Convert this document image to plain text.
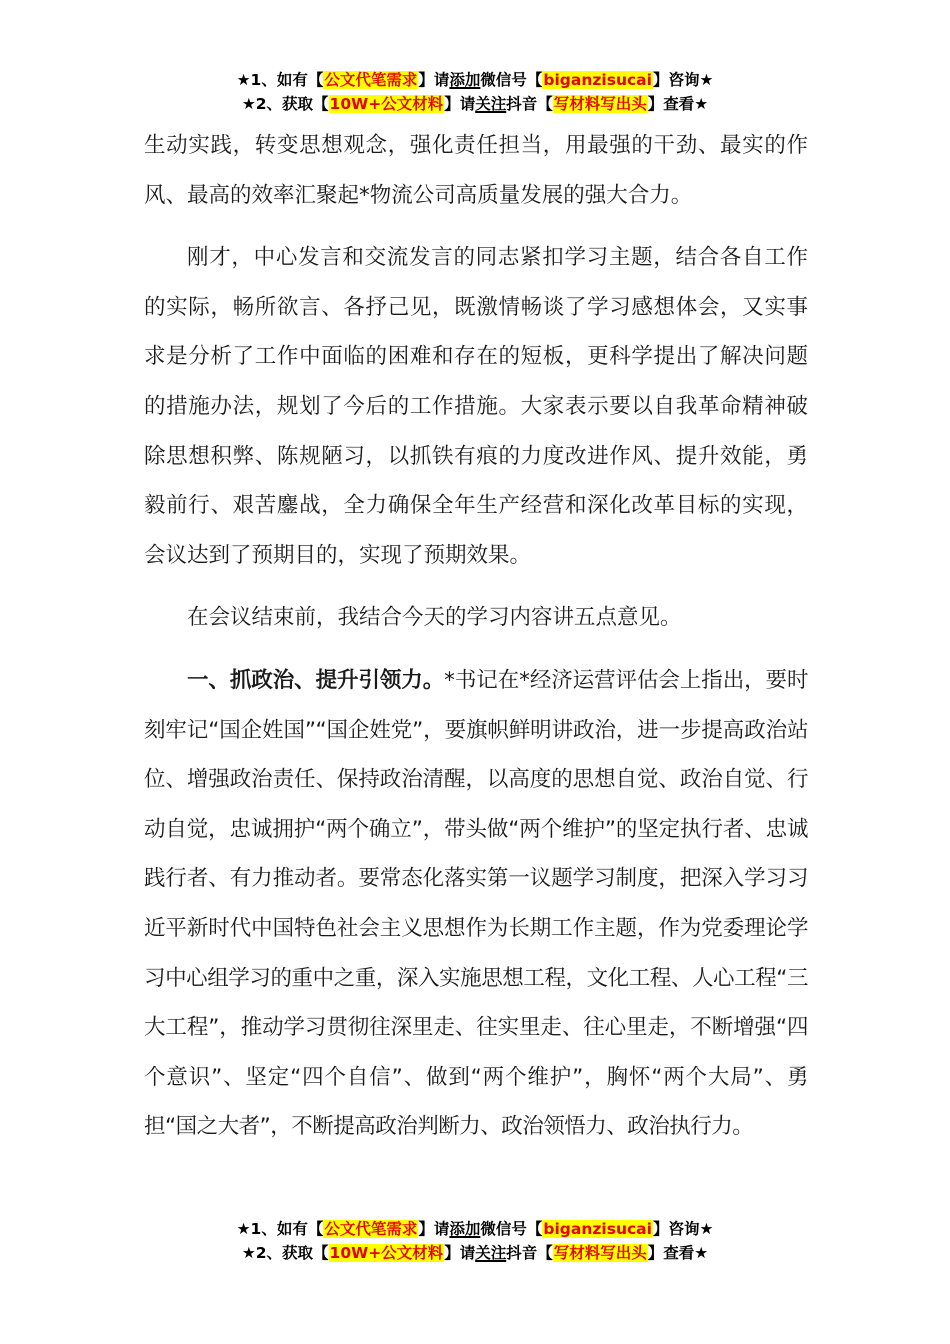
★1、如有【公文代笔需求】请添加微信号【biganzisucai】咨询★
★2、获取【10W+公文材料】请关注抖音【写材料写出头】查看★

生动实践，转变思想观念，强化责任担当，用最强的干劲、最实的作风、最高的效率汇聚起*物流公司高质量发展的强大合力。

刚才，中心发言和交流发言的同志紧扣学习主题，结合各自工作的实际，畅所欲言、各抒己见，既激情畅谈了学习感想体会，又实事求是分析了工作中面临的困难和存在的短板，更科学提出了解决问题的措施办法，规划了今后的工作措施。大家表示要以自我革命精神破除思想积弊、陈规陋习，以抓铁有痕的力度改进作风、提升效能，勇毅前行、艰苦鏖战，全力确保全年生产经营和深化改革目标的实现，会议达到了预期目的，实现了预期效果。

在会议结束前，我结合今天的学习内容讲五点意见。

一、抓政治、提升引领力。*书记在*经济运营评估会上指出，要时刻牢记“国企姓国”“国企姓党”，要旗帜鲜明讲政治，进一步提高政治站位、增强政治责任、保持政治清醒，以高度的思想自觉、政治自觉、行动自觉，忠诚拥护“两个确立”，带头做“两个维护”的坚定执行者、忠诚践行者、有力推动者。要常态化落实第一议题学习制度，把深入学习习近平新时代中国特色社会主义思想作为长期工作主题，作为党委理论学习中心组学习的重中之重，深入实施思想工程，文化工程、人心工程“三大工程”，推动学习贯彻往深里走、往实里走、往心里走，不断增强“四个意识”、坚定“四个自信”、做到“两个维护”，胸怀“两个大局”、勇担“国之大者”，不断提高政治判断力、政治领悟力、政治执行力。

★1、如有【公文代笔需求】请添加微信号【biganzisucai】咨询★
★2、获取【10W+公文材料】请关注抖音【写材料写出头】查看★
